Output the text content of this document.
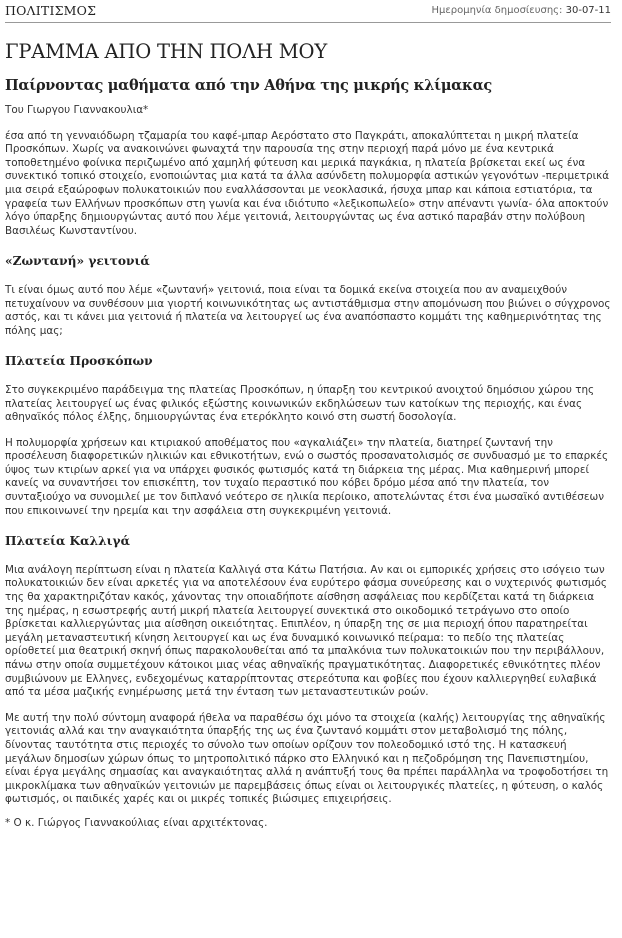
ΠΟΛΙΤΙΣΜΟΣ	Ημερομηνία δημοσίευσης: 30-07-11
ΓΡΑΜΜΑ ΑΠΟ ΤΗΝ ΠΟΛΗ ΜΟΥ
Παίρνοντας μαθήματα από την Αθήνα της μικρής κλίμακας

Του Γιωργου Γιαννακουλια*

έσα από τη γενναιόδωρη τζαμαρία του καφέ-μπαρ Αερόστατο στο Παγκράτι, αποκαλύπτεται η μικρή πλατεία Προσκόπων. Χωρίς να ανακοινώνει φωναχτά την παρουσία της στην περιοχή παρά μόνο με ένα κεντρικά τοποθετημένο φοίνικα περιζωμένο από χαμηλή φύτευση και μερικά παγκάκια, η πλατεία βρίσκεται εκεί ως ένα συνεκτικό τοπικό στοιχείο, ενοποιώντας μια κατά τα άλλα ασύνδετη πολυμορφία αστικών γεγονότων -περιμετρικά μια σειρά εξαώροφων πολυκατοικιών που εναλλάσσονται με νεοκλασικά, ήσυχα μπαρ και κάποια εστιατόρια, τα γραφεία των Ελλήνων προσκόπων στη γωνία και ένα ιδιότυπο «λεξικοπωλείο» στην απέναντι γωνία- όλα αποκτούν λόγο ύπαρξης δημιουργώντας αυτό που λέμε γειτονιά, λειτουργώντας ως ένα αστικό παραβάν στην πολύβουη Βασιλέως Κωνσταντίνου.

«Ζωντανή» γειτονιά

Τι είναι όμως αυτό που λέμε «ζωντανή» γειτονιά, ποια είναι τα δομικά εκείνα στοιχεία που αν αναμειχθούν πετυχαίνουν να συνθέσουν μια γιορτή κοινωνικότητας ως αντιστάθμισμα στην απομόνωση που βιώνει ο σύγχρονος αστός, και τι κάνει μια γειτονιά ή πλατεία να λειτουργεί ως ένα αναπόσπαστο κομμάτι της καθημερινότητας της πόλης μας;

Πλατεία Προσκόπων

Στο συγκεκριμένο παράδειγμα της πλατείας Προσκόπων, η ύπαρξη του κεντρικού ανοιχτού δημόσιου χώρου της πλατείας λειτουργεί ως ένας φιλικός εξώστης κοινωνικών εκδηλώσεων των κατοίκων της περιοχής, και ένας αθηναϊκός πόλος έλξης, δημιουργώντας ένα ετερόκλητο κοινό στη σωστή δοσολογία.

Η πολυμορφία χρήσεων και κτιριακού αποθέματος που «αγκαλιάζει» την πλατεία, διατηρεί ζωντανή την προσέλευση διαφορετικών ηλικιών και εθνικοτήτων, ενώ ο σωστός προσανατολισμός σε συνδυασμό με το επαρκές ύψος των κτιρίων αρκεί για να υπάρχει φυσικός φωτισμός κατά τη διάρκεια της μέρας. Μια καθημερινή μπορεί κανείς να συναντήσει τον επισκέπτη, τον τυχαίο περαστικό που κόβει δρόμο μέσα από την πλατεία, τον συνταξιούχο να συνομιλεί με τον διπλανό νεότερο σε ηλικία περίοικο, αποτελώντας έτσι ένα μωσαϊκό αντιθέσεων που επικοινωνεί την ηρεμία και την ασφάλεια στη συγκεκριμένη γειτονιά.

Πλατεία Καλλιγά

Μια ανάλογη περίπτωση είναι η πλατεία Καλλιγά στα Κάτω Πατήσια. Αν και οι εμπορικές χρήσεις στο ισόγειο των πολυκατοικιών δεν είναι αρκετές για να αποτελέσουν ένα ευρύτερο φάσμα συνεύρεσης και ο νυχτερινός φωτισμός της θα χαρακτηριζόταν κακός, χάνοντας την οποιαδήποτε αίσθηση ασφάλειας που κερδίζεται κατά τη διάρκεια της ημέρας, η εσωστρεφής αυτή μικρή πλατεία λειτουργεί συνεκτικά στο οικοδομικό τετράγωνο στο οποίο βρίσκεται καλλιεργώντας μια αίσθηση οικειότητας. Επιπλέον, η ύπαρξη της σε μια περιοχή όπου παρατηρείται μεγάλη μεταναστευτική κίνηση λειτουργεί και ως ένα δυναμικό κοινωνικό πείραμα: το πεδίο της πλατείας ορίοθετεί μια θεατρική σκηνή όπως παρακολουθείται από τα μπαλκόνια των πολυκατοικιών που την περιβάλλουν, πάνω στην οποία συμμετέχουν κάτοικοι μιας νέας αθηναϊκής πραγματικότητας. Διαφορετικές εθνικότητες πλέον συμβιώνουν με Ελληνες, ενδεχομένως καταρρίπτοντας στερεότυπα και φοβίες που έχουν καλλιεργηθεί ευλαβικά από τα μέσα μαζικής ενημέρωσης μετά την ένταση των μεταναστευτικών ροών.

Με αυτή την πολύ σύντομη αναφορά ήθελα να παραθέσω όχι μόνο τα στοιχεία (καλής) λειτουργίας της αθηναϊκής γειτονιάς αλλά και την αναγκαιότητα ύπαρξής της ως ένα ζωντανό κομμάτι στον μεταβολισμό της πόλης, δίνοντας ταυτότητα στις περιοχές το σύνολο των οποίων ορίζουν τον πολεοδομικό ιστό της. Η κατασκευή μεγάλων δημοσίων χώρων όπως το μητροπολιτικό πάρκο στο Ελληνικό και η πεζοδρόμηση της Πανεπιστημίου, είναι έργα μεγάλης σημασίας και αναγκαιότητας αλλά η ανάπτυξή τους θα πρέπει παράλληλα να τροφοδοτήσει τη μικροκλίμακα των αθηναϊκών γειτονιών με παρεμβάσεις όπως είναι οι λειτουργικές πλατείες, η φύτευση, ο καλός φωτισμός, οι παιδικές χαρές και οι μικρές τοπικές βιώσιμες επιχειρήσεις.

* Ο κ. Γιώργος Γιαννακούλιας είναι αρχιτέκτονας.
